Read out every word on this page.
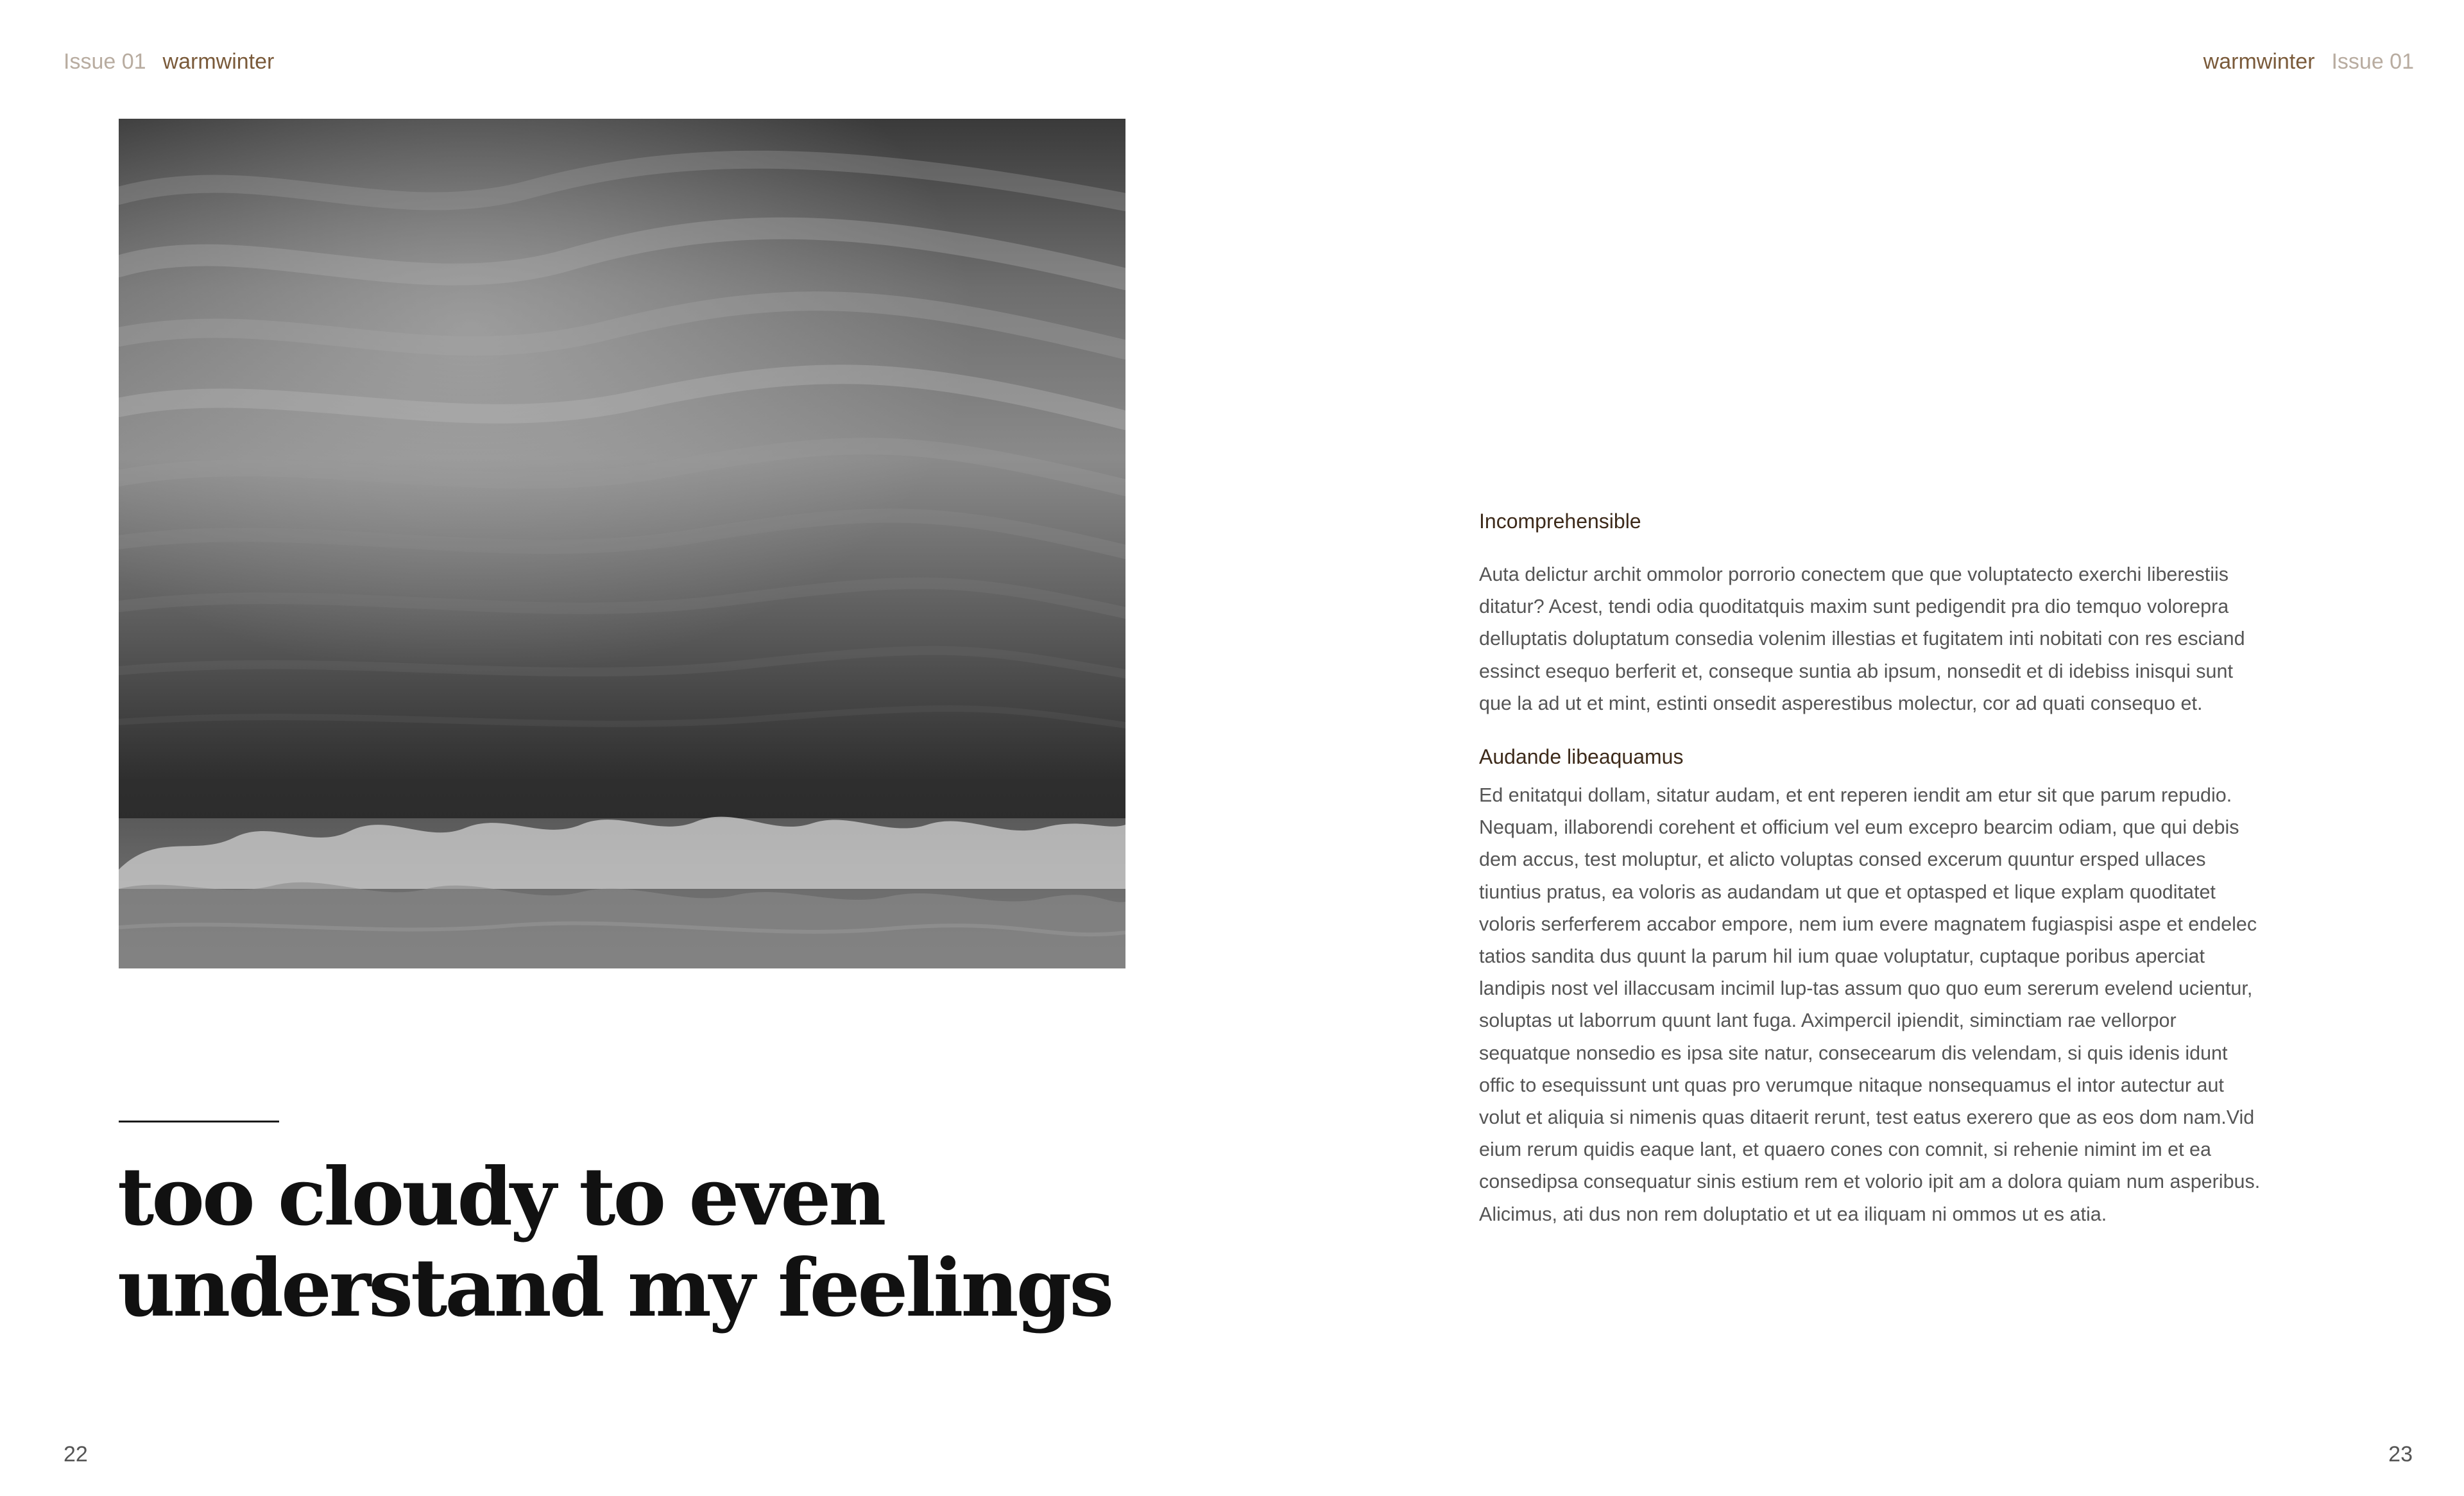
Issue 01 warmwinter	warmwinter Issue 01
too cloudy to even
understand my feelings
Incomprehensible

Auta delictur archit ommolor porrorio conectem que que voluptatecto exerchi liberestiis ditatur? Acest, tendi odia quoditatquis maxim sunt pedigendit pra dio temquo volorepra delluptatis doluptatum consedia volenim illestias et fugitatem inti nobitati con res esciand essinct esequo berferit et, conseque suntia ab ipsum, nonsedit et di idebiss inisqui sunt que la ad ut et mint, estinti onsedit asperestibus molectur, cor ad quati consequo et.

Audande libeaquamus

Ed enitatqui dollam, sitatur audam, et ent reperen iendit am etur sit que parum repudio. Nequam, illaborendi corehent et officium vel eum excepro bearcim odiam, que qui debis dem accus, test moluptur, et alicto voluptas consed excerum quuntur ersped ullaces tiuntius pratus, ea voloris as audandam ut que et optasped et lique explam quoditatet voloris serferferem accabor empore, nem ium evere magnatem fugiaspisi aspe et endelec tatios sandita dus quunt la parum hil ium quae voluptatur, cuptaque poribus aperciat landipis nost vel illaccusam incimil lup-tas assum quo quo eum sererum evelend ucientur, soluptas ut laborrum quunt lant fuga. Aximpercil ipiendit, siminctiam rae vellorpor sequatque nonsedio es ipsa site natur, consecearum dis velendam, si quis idenis idunt offic to esequissunt unt quas pro verumque nitaque nonsequamus el intor autectur aut volut et aliquia si nimenis quas ditaerit rerunt, test eatus exerero que as eos dom nam.Vid eium rerum quidis eaque lant, et quaero cones con comnit, si rehenie nimint im et ea consedipsa consequatur sinis estium rem et volorio ipit am a dolora quiam num asperibus. Alicimus, ati dus non rem doluptatio et ut ea iliquam ni ommos ut es atia.

22	23
